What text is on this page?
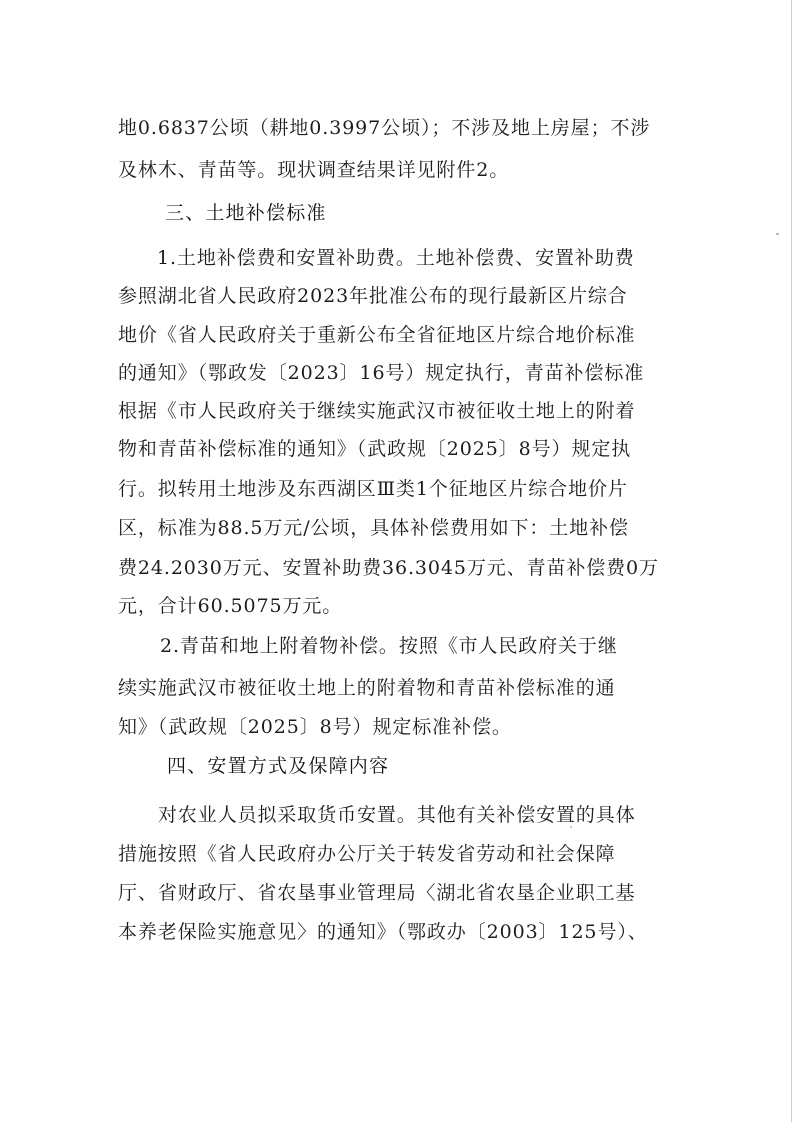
地0.6837公顷（耕地0.3997公顷）；不涉及地上房屋；不涉
及林木、青苗等。现状调查结果详见附件2。
三、土地补偿标准
1.土地补偿费和安置补助费。土地补偿费、安置补助费
参照湖北省人民政府2023年批准公布的现行最新区片综合
地价《省人民政府关于重新公布全省征地区片综合地价标准
的通知》（鄂政发〔2023〕16号）规定执行，青苗补偿标准
根据《市人民政府关于继续实施武汉市被征收土地上的附着
物和青苗补偿标准的通知》（武政规〔2025〕8号）规定执
行。拟转用土地涉及东西湖区Ⅲ类1个征地区片综合地价片
区，标准为88.5万元/公顷，具体补偿费用如下：土地补偿
费24.2030万元、安置补助费36.3045万元、青苗补偿费0万
元，合计60.5075万元。
2.青苗和地上附着物补偿。按照《市人民政府关于继
续实施武汉市被征收土地上的附着物和青苗补偿标准的通
知》（武政规〔2025〕8号）规定标准补偿。
四、安置方式及保障内容
对农业人员拟采取货币安置。其他有关补偿安置的具体
措施按照《省人民政府办公厅关于转发省劳动和社会保障
厅、省财政厅、省农垦事业管理局〈湖北省农垦企业职工基
本养老保险实施意见〉的通知》（鄂政办〔2003〕125号）、
